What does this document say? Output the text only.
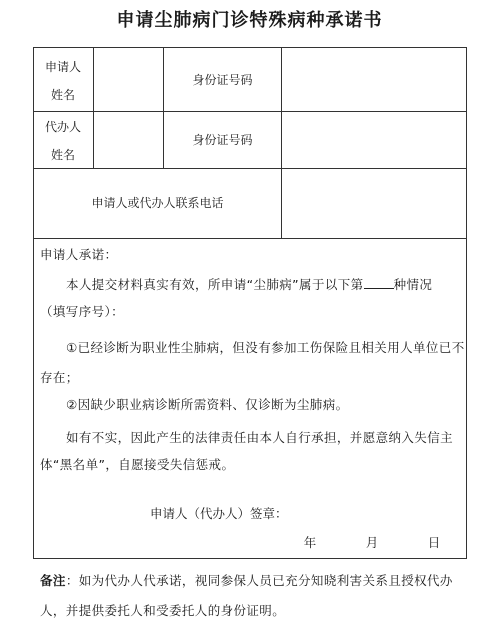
申请尘肺病门诊特殊病种承诺书
申请人
姓名
身份证号码
代办人
姓名
身份证号码
申请人或代办人联系电话
申请人承诺：
本人提交材料真实有效，所申请“尘肺病”属于以下第 种情况
（填写序号）：
①已经诊断为职业性尘肺病，但没有参加工伤保险且相关用人单位已不存在；
②因缺少职业病诊断所需资料、仅诊断为尘肺病。
如有不实，因此产生的法律责任由本人自行承担，并愿意纳入失信主体“黑名单”，自愿接受失信惩戒。
申请人（代办人）签章：
年	月	日
备注：如为代办人代承诺，视同参保人员已充分知晓利害关系且授权代办人，并提供委托人和受委托人的身份证明。
